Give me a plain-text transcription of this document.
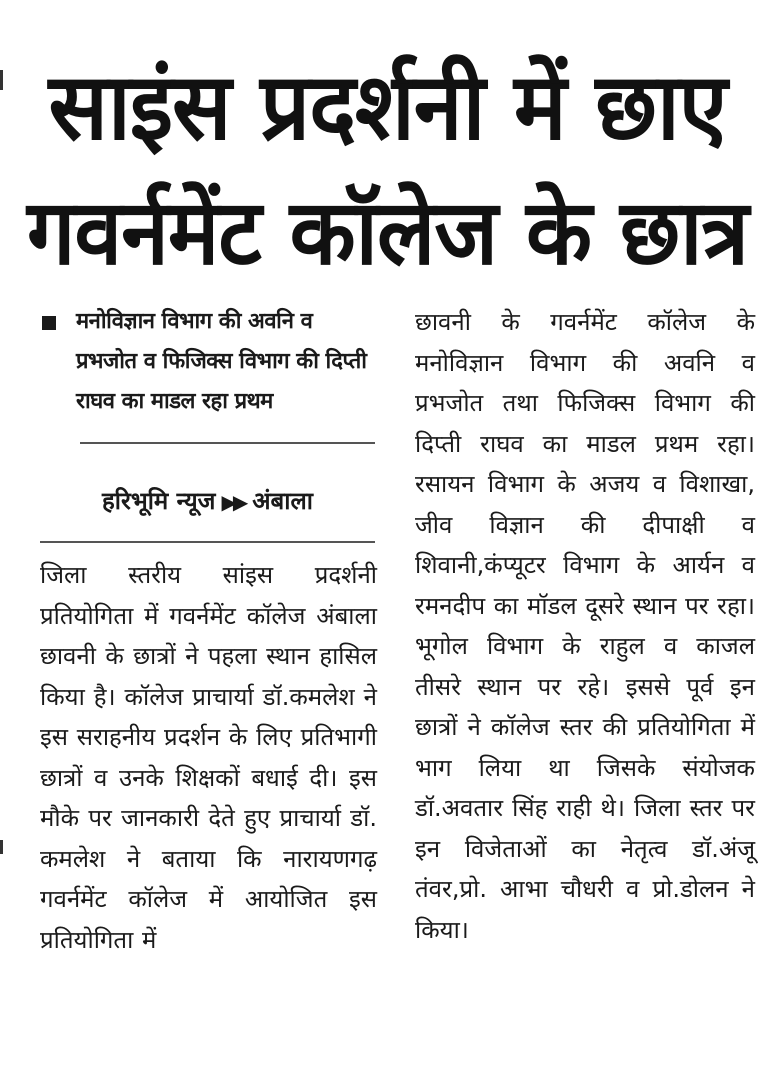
साइंस प्रदर्शनी में छाए
गवर्नमेंट कॉलेज के छात्र
मनोविज्ञान विभाग की अवनि व प्रभजोत व फिजिक्स विभाग की दिप्ती राघव का माडल रहा प्रथम
हरिभूमि न्यूज ▶▶ अंबाला
जिला स्तरीय सांइस प्रदर्शनी प्रतियोगिता में गवर्नमेंट कॉलेज अंबाला छावनी के छात्रों ने पहला स्थान हासिल किया है। कॉलेज प्राचार्या डॉ.कमलेश ने इस सराहनीय प्रदर्शन के लिए प्रतिभागी छात्रों व उनके शिक्षकों बधाई दी। इस मौके पर जानकारी देते हुए प्राचार्या डॉ. कमलेश ने बताया कि नारायणगढ़ गवर्नमेंट कॉलेज में आयोजित इस प्रतियोगिता में
छावनी के गवर्नमेंट कॉलेज के मनोविज्ञान विभाग की अवनि व प्रभजोत तथा फिजिक्स विभाग की दिप्ती राघव का माडल प्रथम रहा। रसायन विभाग के अजय व विशाखा, जीव विज्ञान की दीपाक्षी व शिवानी,कंप्यूटर विभाग के आर्यन व रमनदीप का मॉडल दूसरे स्थान पर रहा। भूगोल विभाग के राहुल व काजल तीसरे स्थान पर रहे। इससे पूर्व इन छात्रों ने कॉलेज स्तर की प्रतियोगिता में भाग लिया था जिसके संयोजक डॉ.अवतार सिंह राही थे। जिला स्तर पर इन विजेताओं का नेतृत्व डॉ.अंजू तंवर,प्रो. आभा चौधरी व प्रो.डोलन ने किया।
